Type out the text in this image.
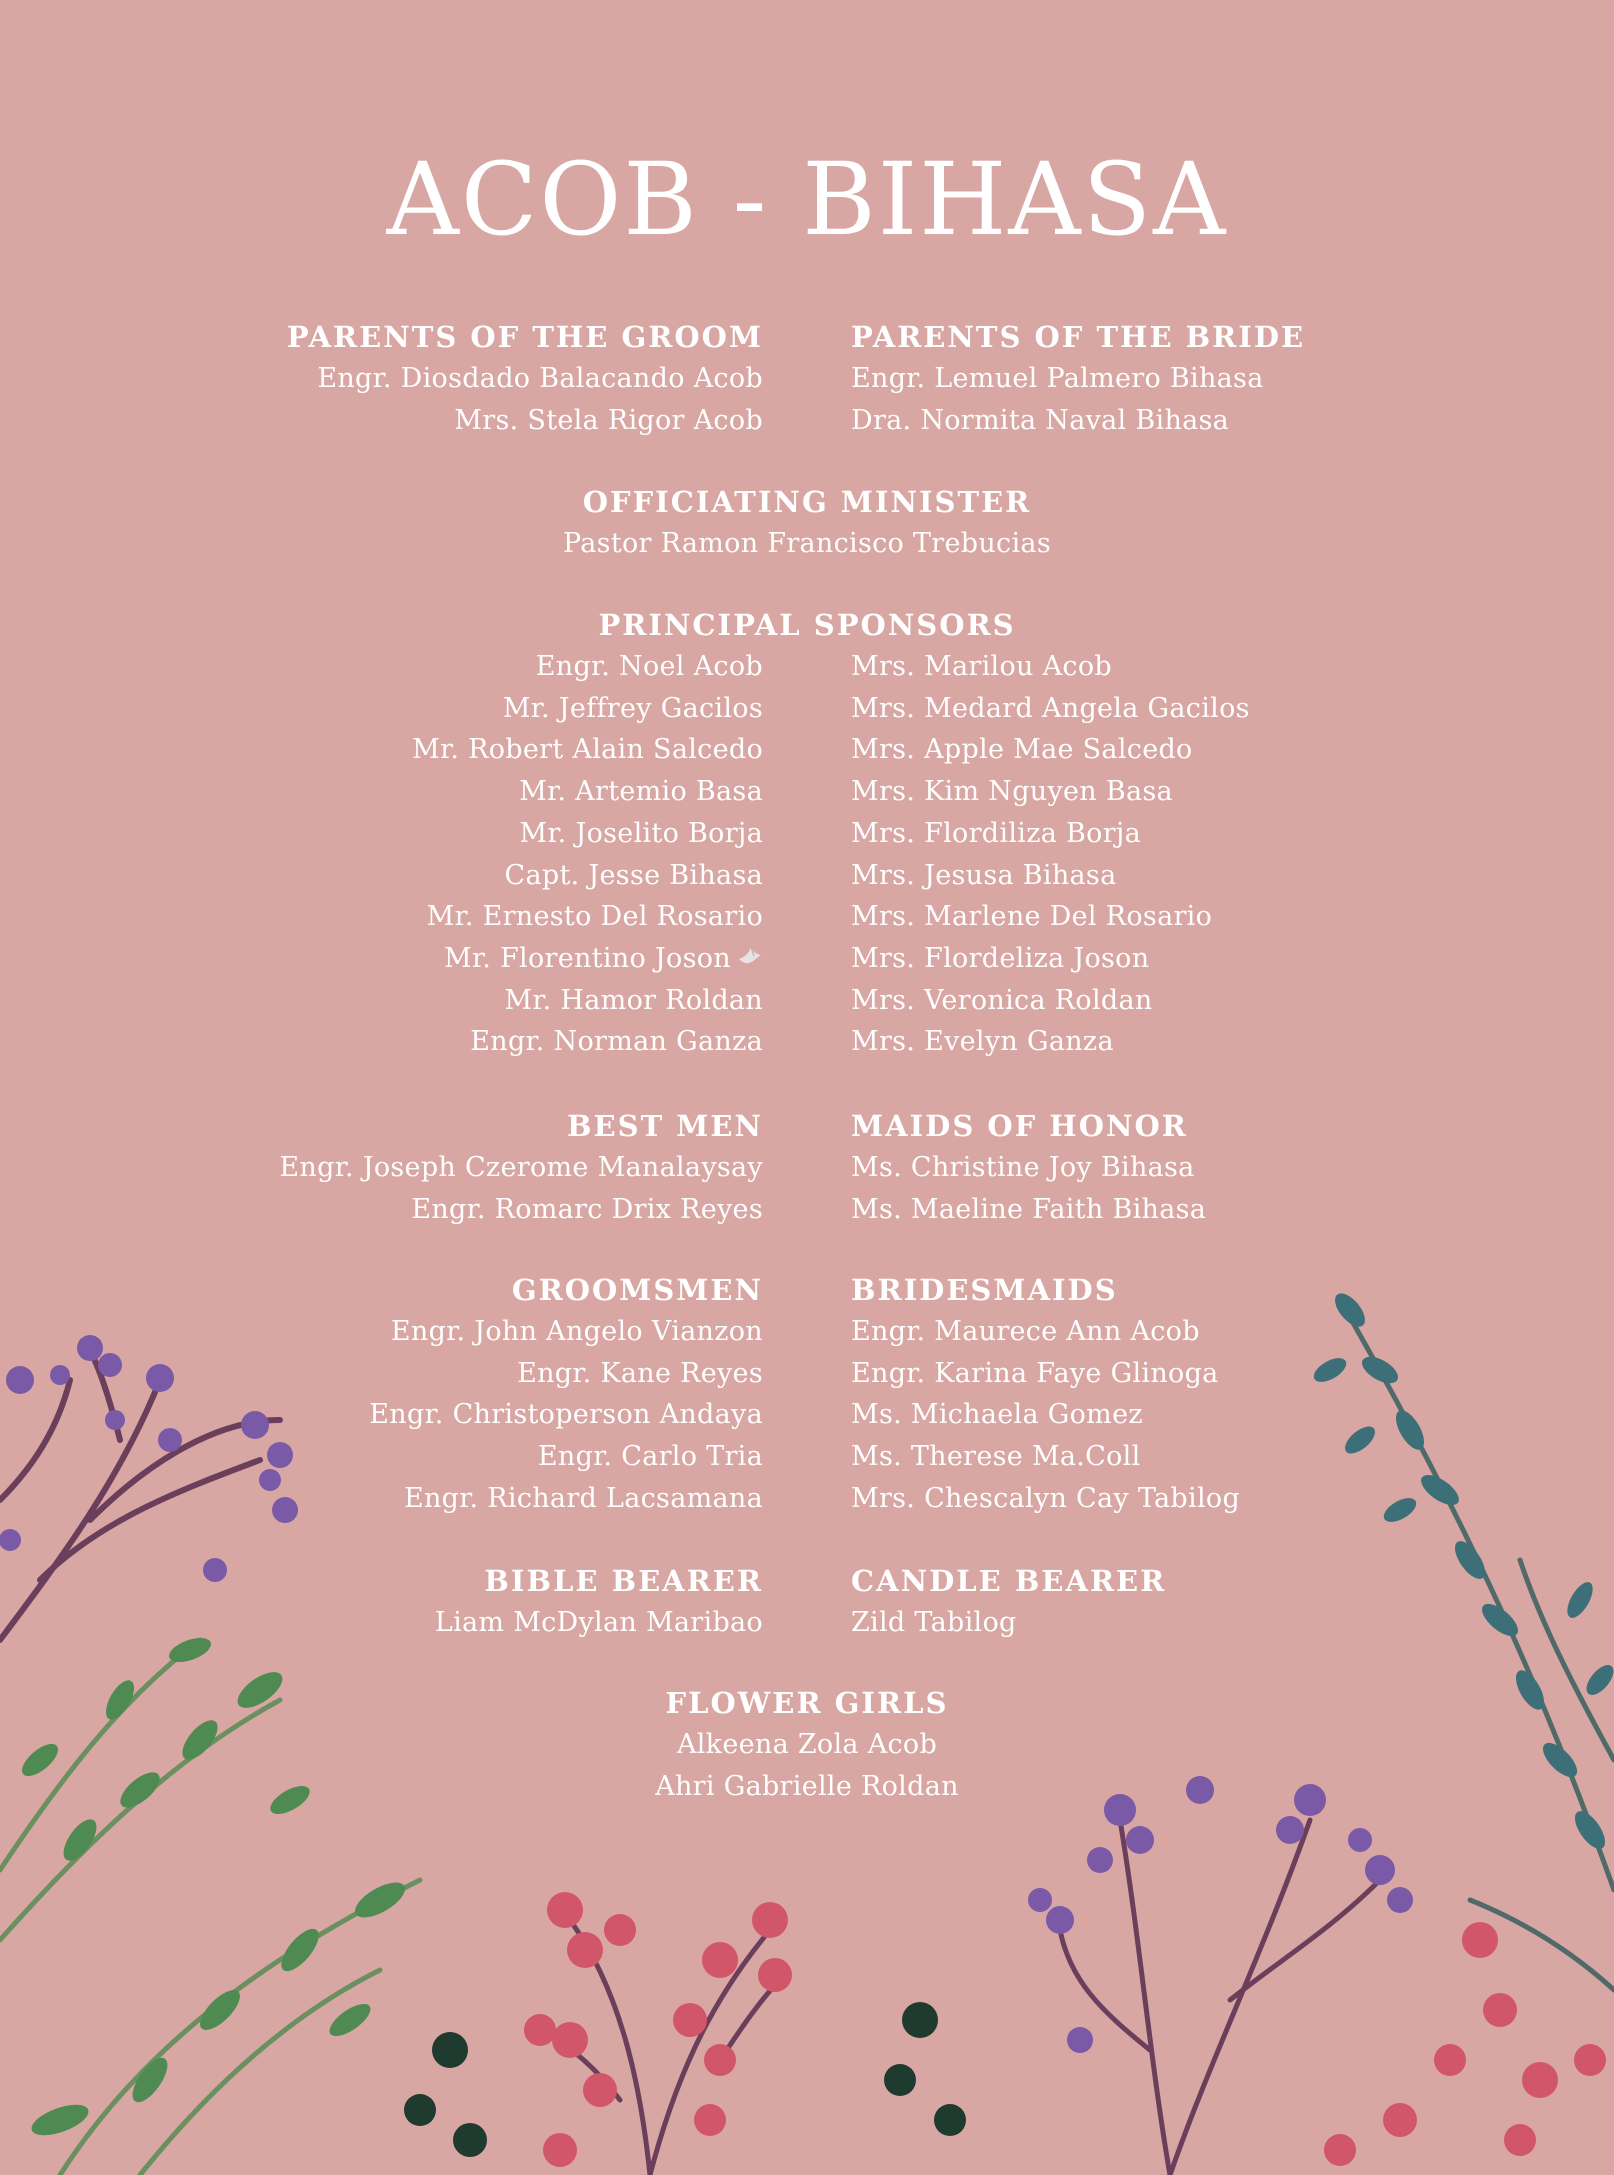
ACOB - BIHASA
PARENTS OF THE GROOM
Engr. Diosdado Balacando Acob
Mrs. Stela Rigor Acob
PARENTS OF THE BRIDE
Engr. Lemuel Palmero Bihasa
Dra. Normita Naval Bihasa
OFFICIATING MINISTER
Pastor Ramon Francisco Trebucias
PRINCIPAL SPONSORS
Engr. Noel Acob
Mr. Jeffrey Gacilos
Mr. Robert Alain Salcedo
Mr. Artemio Basa
Mr. Joselito Borja
Capt. Jesse Bihasa
Mr. Ernesto Del Rosario
Mr. Florentino Joson
Mr. Hamor Roldan
Engr. Norman Ganza
Mrs. Marilou Acob
Mrs. Medard Angela Gacilos
Mrs. Apple Mae Salcedo
Mrs. Kim Nguyen Basa
Mrs. Flordiliza Borja
Mrs. Jesusa Bihasa
Mrs. Marlene Del Rosario
Mrs. Flordeliza Joson
Mrs. Veronica Roldan
Mrs. Evelyn Ganza
BEST MEN
Engr. Joseph Czerome Manalaysay
Engr. Romarc Drix Reyes
MAIDS OF HONOR
Ms. Christine Joy Bihasa
Ms. Maeline Faith Bihasa
GROOMSMEN
Engr. John Angelo Vianzon
Engr. Kane Reyes
Engr. Christoperson Andaya
Engr. Carlo Tria
Engr. Richard Lacsamana
BRIDESMAIDS
Engr. Maurece Ann Acob
Engr. Karina Faye Glinoga
Ms. Michaela Gomez
Ms. Therese Ma.Coll
Mrs. Chescalyn Cay Tabilog
BIBLE BEARER
Liam McDylan Maribao
CANDLE BEARER
Zild Tabilog
FLOWER GIRLS
Alkeena Zola Acob
Ahri Gabrielle Roldan
